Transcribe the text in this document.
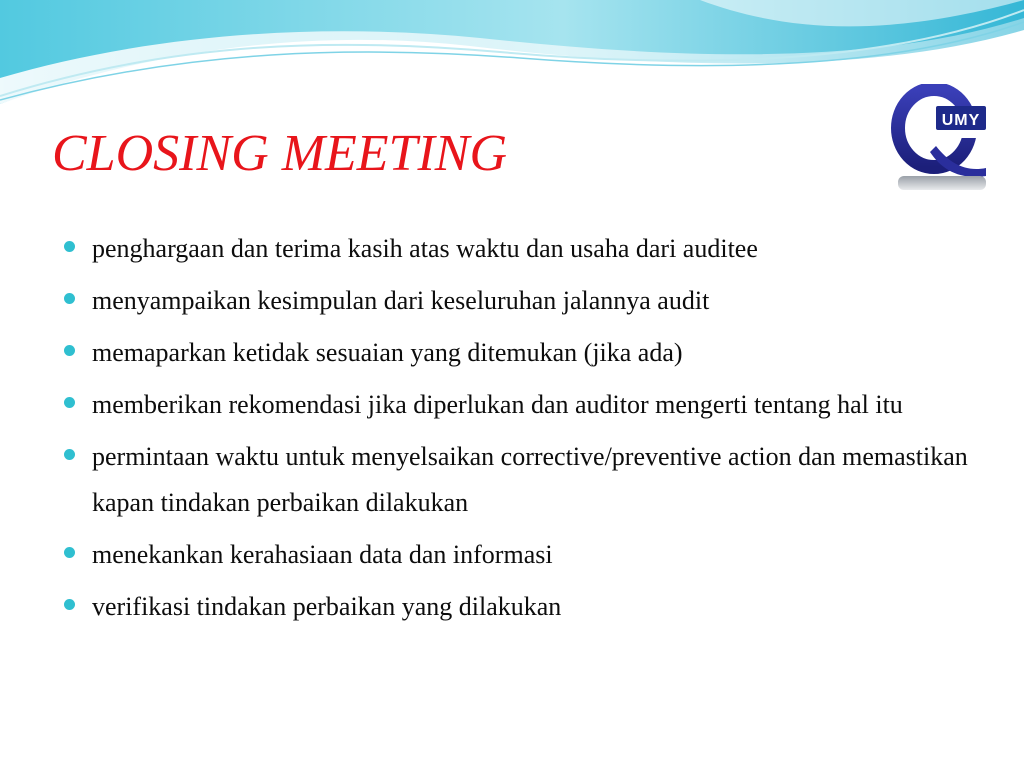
CLOSING MEETING
UMY
penghargaan dan terima kasih atas waktu dan usaha dari auditee
menyampaikan kesimpulan dari keseluruhan jalannya audit
memaparkan ketidak sesuaian yang ditemukan (jika ada)
memberikan rekomendasi jika diperlukan dan auditor mengerti tentang hal itu
permintaan waktu untuk menyelsaikan corrective/preventive action dan memastikan kapan tindakan perbaikan dilakukan
menekankan kerahasiaan data dan informasi
verifikasi tindakan perbaikan yang dilakukan
